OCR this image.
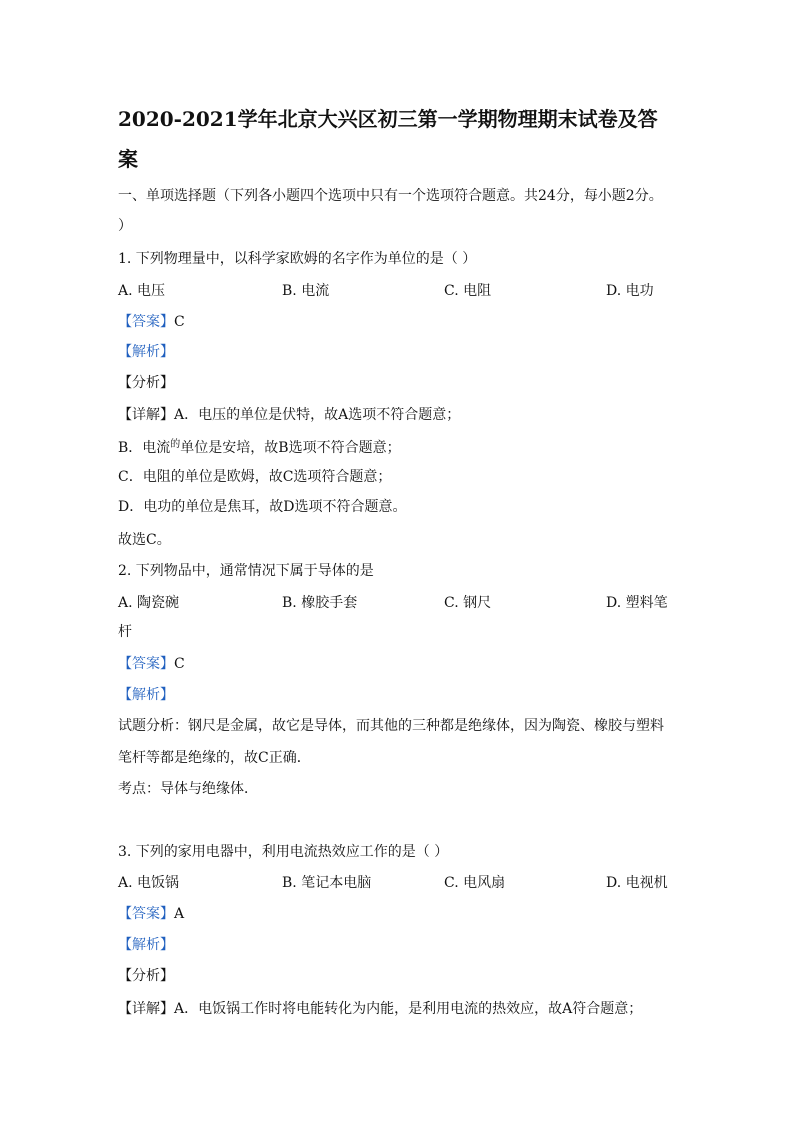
2020-2021学年北京大兴区初三第一学期物理期末试卷及答
案
一、单项选择题（下列各小题四个选项中只有一个选项符合题意。共24分，每小题2分。
）
1. 下列物理量中，以科学家欧姆的名字作为单位的是（ ）
A. 电压	B. 电流	C. 电阻	D. 电功
【答案】C
【解析】
【分析】
【详解】A．电压的单位是伏特，故A选项不符合题意；
B．电流$^的$单位是安培，故B选项不符合题意；
C．电阻的单位是欧姆，故C选项符合题意；
D．电功的单位是焦耳，故D选项不符合题意。
故选C。
2. 下列物品中，通常情况下属于导体的是
A. 陶瓷碗	B. 橡胶手套	C. 钢尺	D. 塑料笔
杆
【答案】C
【解析】
试题分析：钢尺是金属，故它是导体，而其他的三种都是绝缘体，因为陶瓷、橡胶与塑料
笔杆等都是绝缘的，故C正确．
考点：导体与绝缘体．
3. 下列的家用电器中，利用电流热效应工作的是（ ）
A. 电饭锅	B. 笔记本电脑	C. 电风扇	D. 电视机
【答案】A
【解析】
【分析】
【详解】A．电饭锅工作时将电能转化为内能，是利用电流的热效应，故A符合题意；
